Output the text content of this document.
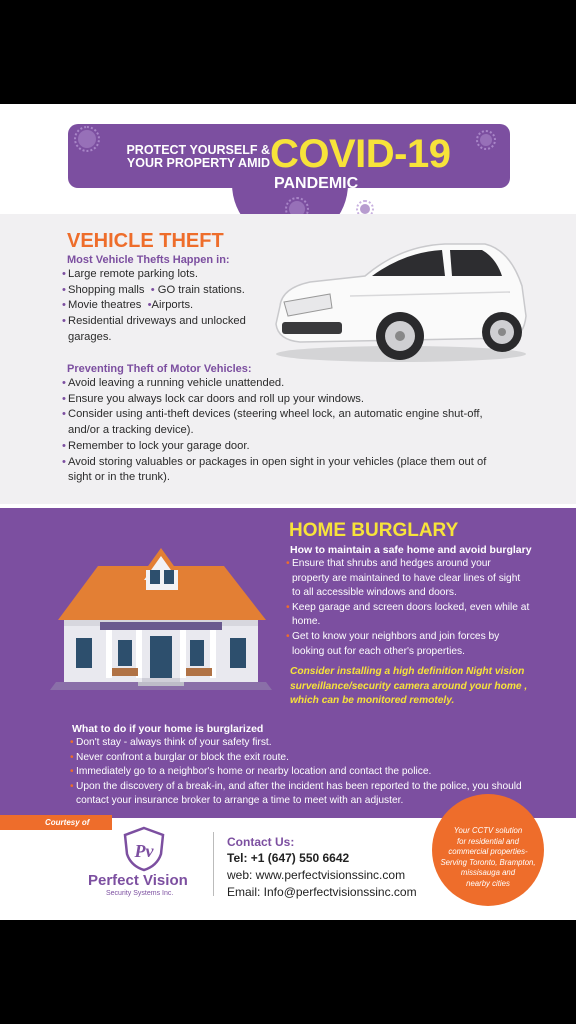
PROTECT YOURSELF &
YOUR PROPERTY AMID COVID-19
PANDEMIC
VEHICLE THEFT
Most Vehicle Thefts Happen in:
• Large remote parking lots.
• Shopping malls • GO train stations.
• Movie theatres •Airports.
• Residential driveways and unlocked
garages.
Preventing Theft of Motor Vehicles:
• Avoid leaving a running vehicle unattended.
• Ensure you always lock car doors and roll up your windows.
• Consider using anti-theft devices (steering wheel lock, an automatic engine shut-off,
and/or a tracking device).
• Remember to lock your garage door.
• Avoid storing valuables or packages in open sight in your vehicles (place them out of
sight or in the trunk).
HOME BURGLARY
How to maintain a safe home and avoid burglary
• Ensure that shrubs and hedges around your
property are maintained to have clear lines of sight
to all accessible windows and doors.
• Keep garage and screen doors locked, even while at
home.
• Get to know your neighbors and join forces by
looking out for each other's properties.
Consider installing a high definition Night vision
surveillance/security camera around your home ,
which can be monitored remotely.
What to do if your home is burglarized
• Don't stay - always think of your safety first.
• Never confront a burglar or block the exit route.
• Immediately go to a neighbor's home or nearby location and contact the police.
• Upon the discovery of a break-in, and after the incident has been reported to the police, you should
contact your insurance broker to arrange a time to meet with an adjuster.
Courtesy of
Pv
Perfect Vision
Security Systems Inc.
Contact Us:
Tel: +1 (647) 550 6642
web: www.perfectvisionssinc.com
Email: Info@perfectvisionssinc.com
Your CCTV solution
for residential and
commercial properties-
Serving Toronto, Brampton,
missisauga and
nearby cities
